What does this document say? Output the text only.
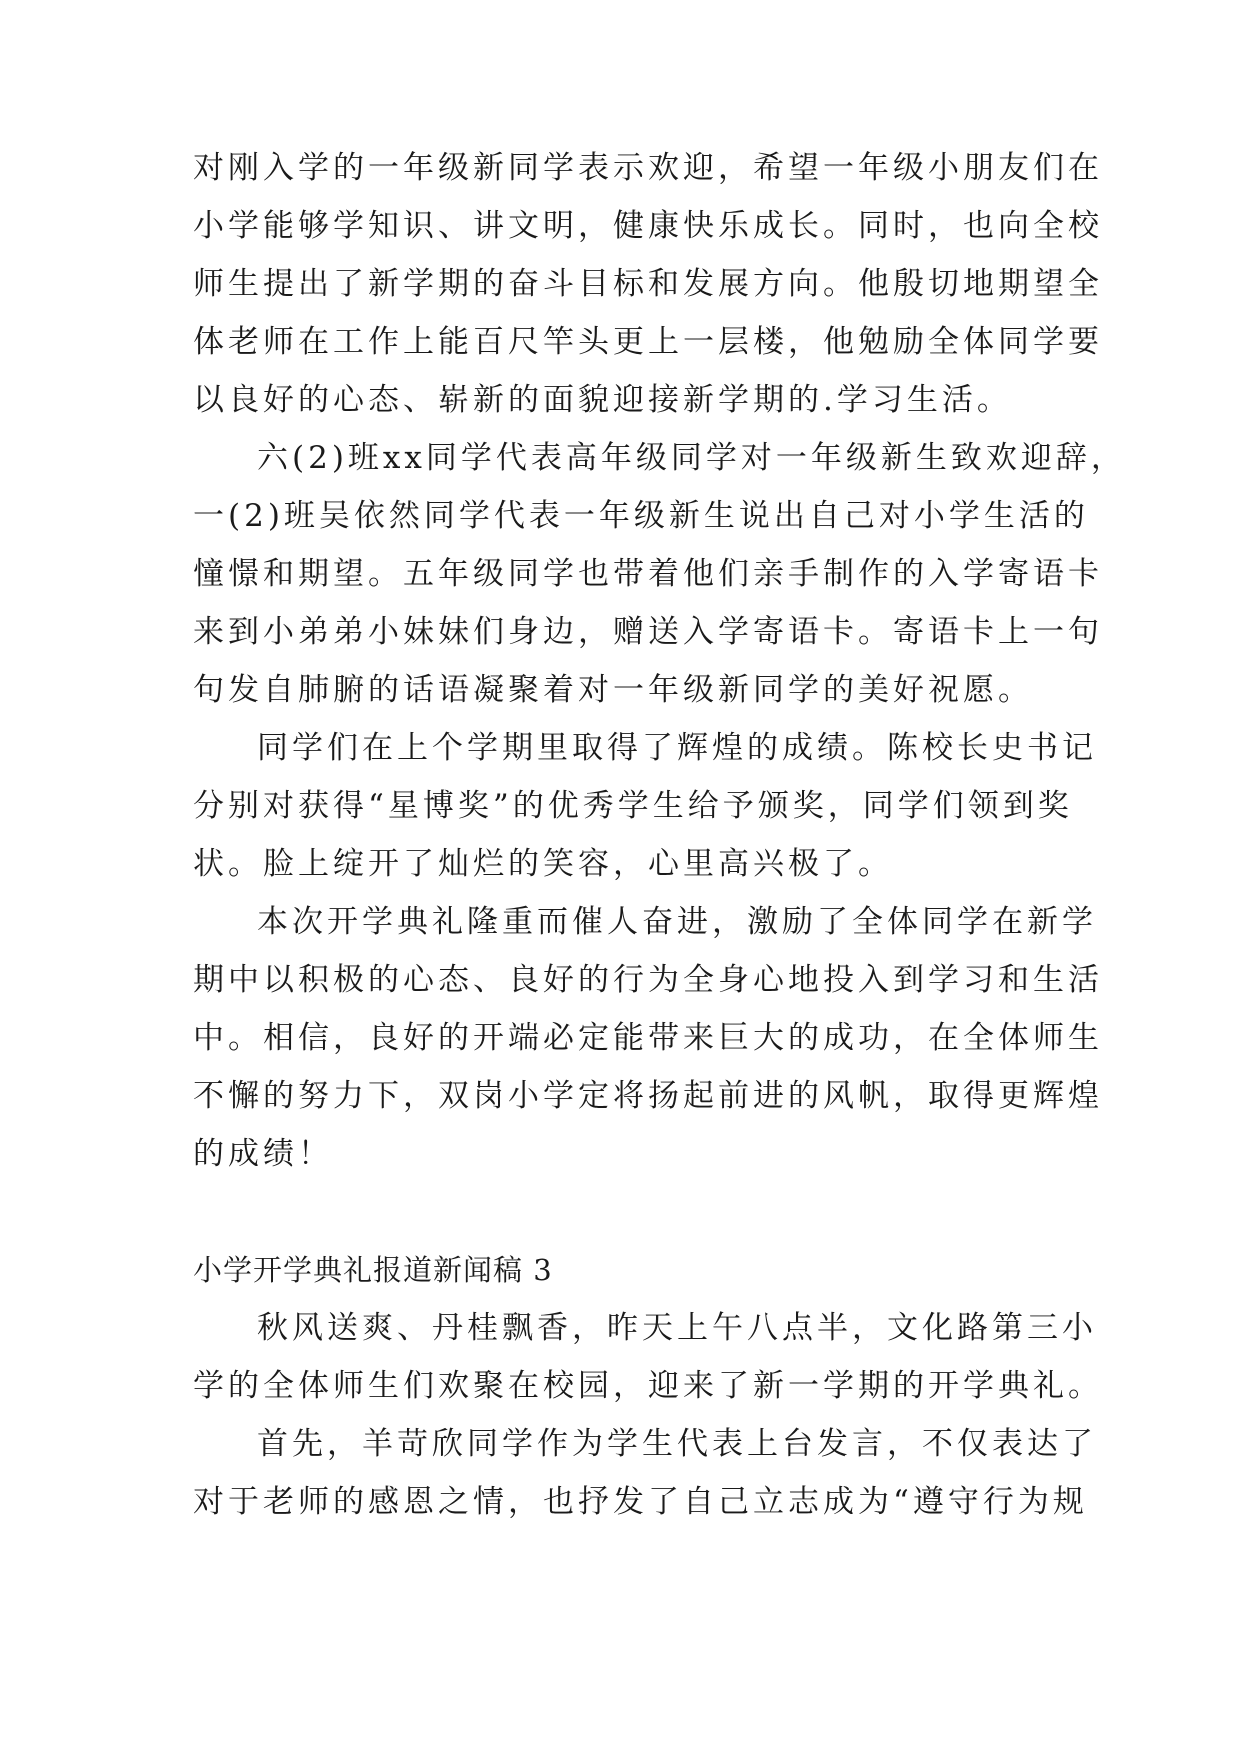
对刚入学的一年级新同学表示欢迎，希望一年级小朋友们在
小学能够学知识、讲文明，健康快乐成长。同时，也向全校
师生提出了新学期的奋斗目标和发展方向。他殷切地期望全
体老师在工作上能百尺竿头更上一层楼，他勉励全体同学要
以良好的心态、崭新的面貌迎接新学期的.学习生活。
六(2)班xx同学代表高年级同学对一年级新生致欢迎辞，
一(2)班吴依然同学代表一年级新生说出自己对小学生活的
憧憬和期望。五年级同学也带着他们亲手制作的入学寄语卡
来到小弟弟小妹妹们身边，赠送入学寄语卡。寄语卡上一句
句发自肺腑的话语凝聚着对一年级新同学的美好祝愿。
同学们在上个学期里取得了辉煌的成绩。陈校长史书记
分别对获得“星博奖”的优秀学生给予颁奖，同学们领到奖
状。脸上绽开了灿烂的笑容，心里高兴极了。
本次开学典礼隆重而催人奋进，激励了全体同学在新学
期中以积极的心态、良好的行为全身心地投入到学习和生活
中。相信，良好的开端必定能带来巨大的成功，在全体师生
不懈的努力下，双岗小学定将扬起前进的风帆，取得更辉煌
的成绩！
小学开学典礼报道新闻稿 3
秋风送爽、丹桂飘香，昨天上午八点半，文化路第三小
学的全体师生们欢聚在校园，迎来了新一学期的开学典礼。
首先，羊苛欣同学作为学生代表上台发言，不仅表达了
对于老师的感恩之情，也抒发了自己立志成为“遵守行为规
